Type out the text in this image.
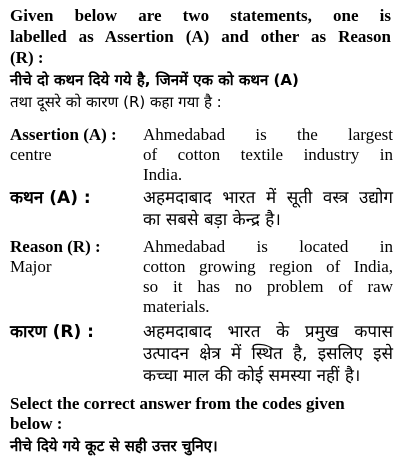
Given below are two statements, one is
labelled as Assertion (A) and other as Reason
(R) :
नीचे दो कथन दिये गये है, जिनमें एक को कथन (A)
तथा दूसरे को कारण (R) कहा गया है :
Assertion (A) :
centre
Ahmedabad is the largest
of cotton textile industry in
India.
कथन (A) :	अहमदाबाद भारत में सूती वस्त्र उद्योग
का सबसे बड़ा केन्द्र है।
Reason (R) :
Major
Ahmedabad is located in
cotton growing region of India,
so it has no problem of raw
materials.
कारण (R) :	अहमदाबाद भारत के प्रमुख कपास
उत्पादन क्षेत्र में स्थित है, इसलिए इसे
कच्चा माल की कोई समस्या नहीं है।
Select the correct answer from the codes given
below :
नीचे दिये गये कूट से सही उत्तर चुनिए।
